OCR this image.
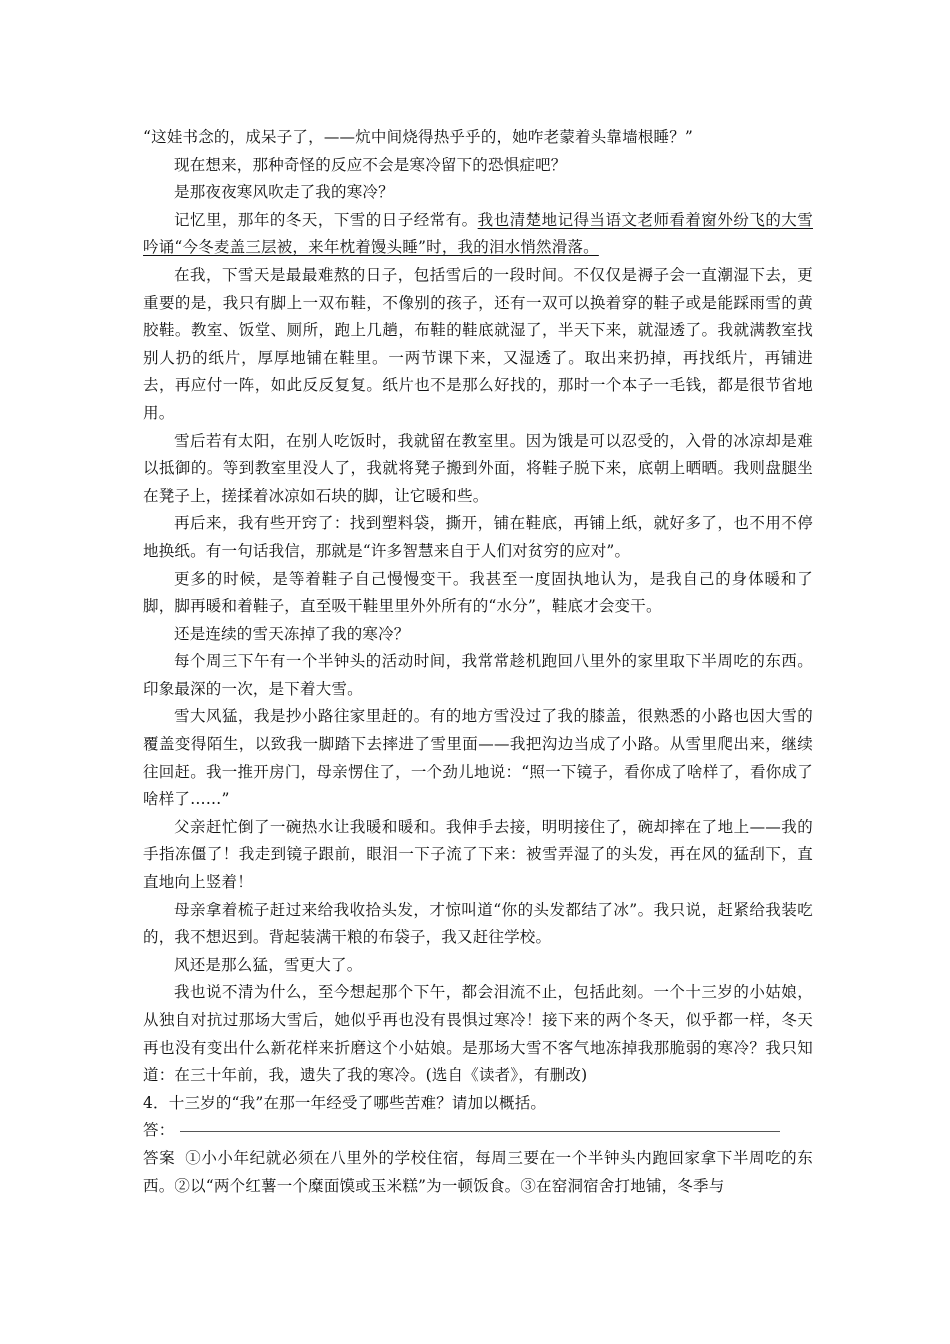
“这娃书念的，成呆子了，——炕中间烧得热乎乎的，她咋老蒙着头靠墙根睡？”

现在想来，那种奇怪的反应不会是寒冷留下的恐惧症吧？

是那夜夜寒风吹走了我的寒冷？

记忆里，那年的冬天，下雪的日子经常有。我也清楚地记得当语文老师看着窗外纷飞的大雪吟诵“今冬麦盖三层被，来年枕着馒头睡”时，我的泪水悄然滑落。

在我，下雪天是最最难熬的日子，包括雪后的一段时间。不仅仅是褥子会一直潮湿下去，更重要的是，我只有脚上一双布鞋，不像别的孩子，还有一双可以换着穿的鞋子或是能踩雨雪的黄胶鞋。教室、饭堂、厕所，跑上几趟，布鞋的鞋底就湿了，半天下来，就湿透了。我就满教室找别人扔的纸片，厚厚地铺在鞋里。一两节课下来，又湿透了。取出来扔掉，再找纸片，再铺进去，再应付一阵，如此反反复复。纸片也不是那么好找的，那时一个本子一毛钱，都是很节省地用。

雪后若有太阳，在别人吃饭时，我就留在教室里。因为饿是可以忍受的，入骨的冰凉却是难以抵御的。等到教室里没人了，我就将凳子搬到外面，将鞋子脱下来，底朝上晒晒。我则盘腿坐在凳子上，搓揉着冰凉如石块的脚，让它暖和些。

再后来，我有些开窍了：找到塑料袋，撕开，铺在鞋底，再铺上纸，就好多了，也不用不停地换纸。有一句话我信，那就是“许多智慧来自于人们对贫穷的应对”。

更多的时候，是等着鞋子自己慢慢变干。我甚至一度固执地认为，是我自己的身体暖和了脚，脚再暖和着鞋子，直至吸干鞋里里外外所有的“水分”，鞋底才会变干。

还是连续的雪天冻掉了我的寒冷？

每个周三下午有一个半钟头的活动时间，我常常趁机跑回八里外的家里取下半周吃的东西。印象最深的一次，是下着大雪。

雪大风猛，我是抄小路往家里赶的。有的地方雪没过了我的膝盖，很熟悉的小路也因大雪的覆盖变得陌生，以致我一脚踏下去摔进了雪里面——我把沟边当成了小路。从雪里爬出来，继续往回赶。我一推开房门，母亲愣住了，一个劲儿地说：“照一下镜子，看你成了啥样了，看你成了啥样了……”

父亲赶忙倒了一碗热水让我暖和暖和。我伸手去接，明明接住了，碗却摔在了地上——我的手指冻僵了！我走到镜子跟前，眼泪一下子流了下来：被雪弄湿了的头发，再在风的猛刮下，直直地向上竖着！

母亲拿着梳子赶过来给我收拾头发，才惊叫道“你的头发都结了冰”。我只说，赶紧给我装吃的，我不想迟到。背起装满干粮的布袋子，我又赶往学校。

风还是那么猛，雪更大了。

我也说不清为什么，至今想起那个下午，都会泪流不止，包括此刻。一个十三岁的小姑娘，从独自对抗过那场大雪后，她似乎再也没有畏惧过寒冷！接下来的两个冬天，似乎都一样，冬天再也没有变出什么新花样来折磨这个小姑娘。是那场大雪不客气地冻掉我那脆弱的寒冷？我只知道：在三十年前，我，遗失了我的寒冷。(选自《读者》，有删改)

4．十三岁的“我”在那一年经受了哪些苦难？请加以概括。

答：

答案 ①小小年纪就必须在八里外的学校住宿，每周三要在一个半钟头内跑回家拿下半周吃的东西。②以“两个红薯一个糜面馍或玉米糕”为一顿饭食。③在窑洞宿舍打地铺，冬季与
